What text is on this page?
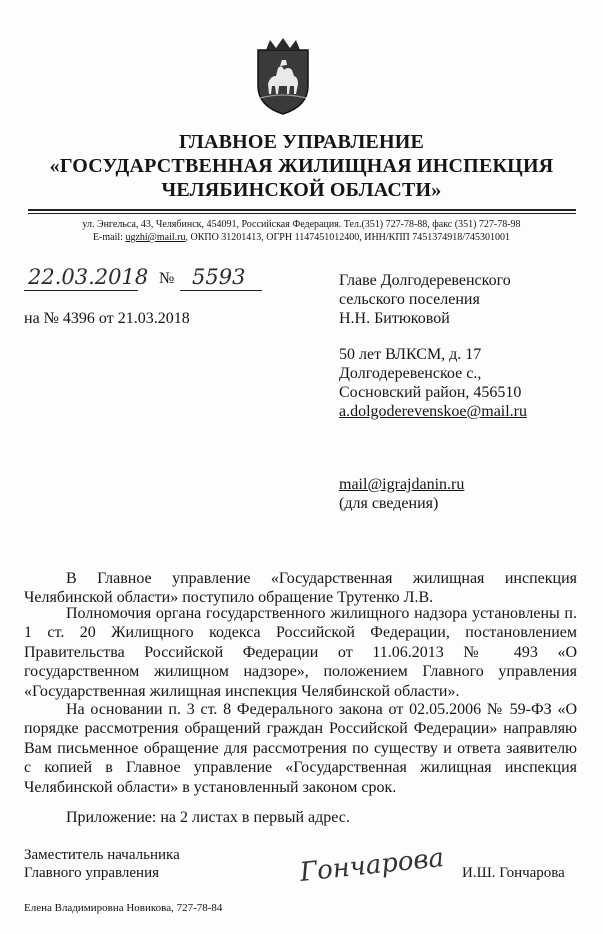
ГЛАВНОЕ УПРАВЛЕНИЕ
«ГОСУДАРСТВЕННАЯ ЖИЛИЩНАЯ ИНСПЕКЦИЯ
ЧЕЛЯБИНСКОЙ ОБЛАСТИ»
ул. Энгельса, 43, Челябинск, 454091, Российская Федерация. Тел.(351) 727-78-88, факс (351) 727-78-98
E-mail: ugzhi@mail.ru, ОКПО 31201413, ОГРН 1147451012400, ИНН/КПП 7451374918/745301001
22.03.2018 № 5593
на № 4396 от 21.03.2018
Главе Долгодеревенского
сельского поселения
Н.Н. Битюковой
50 лет ВЛКСМ, д. 17
Долгодеревенское с.,
Сосновский район, 456510
a.dolgoderevenskoe@mail.ru
mail@igrajdanin.ru
(для сведения)
В Главное управление «Государственная жилищная инспекция
Челябинской области» поступило обращение Трутенко Л.В.
Полномочия органа государственного жилищного надзора установлены п.
1 ст. 20 Жилищного кодекса Российской Федерации, постановлением
Правительства Российской Федерации от 11.06.2013 № 493 «О
государственном жилищном надзоре», положением Главного управления
«Государственная жилищная инспекция Челябинской области».
На основании п. 3 ст. 8 Федерального закона от 02.05.2006 № 59-ФЗ «О
порядке рассмотрения обращений граждан Российской Федерации» направляю
Вам письменное обращение для рассмотрения по существу и ответа заявителю
с копией в Главное управление «Государственная жилищная инспекция
Челябинской области» в установленный законом срок.
Приложение: на 2 листах в первый адрес.
Заместитель начальника
Главного управления	Гончарова И.Ш. Гончарова
Елена Владимировна Новикова, 727-78-84
